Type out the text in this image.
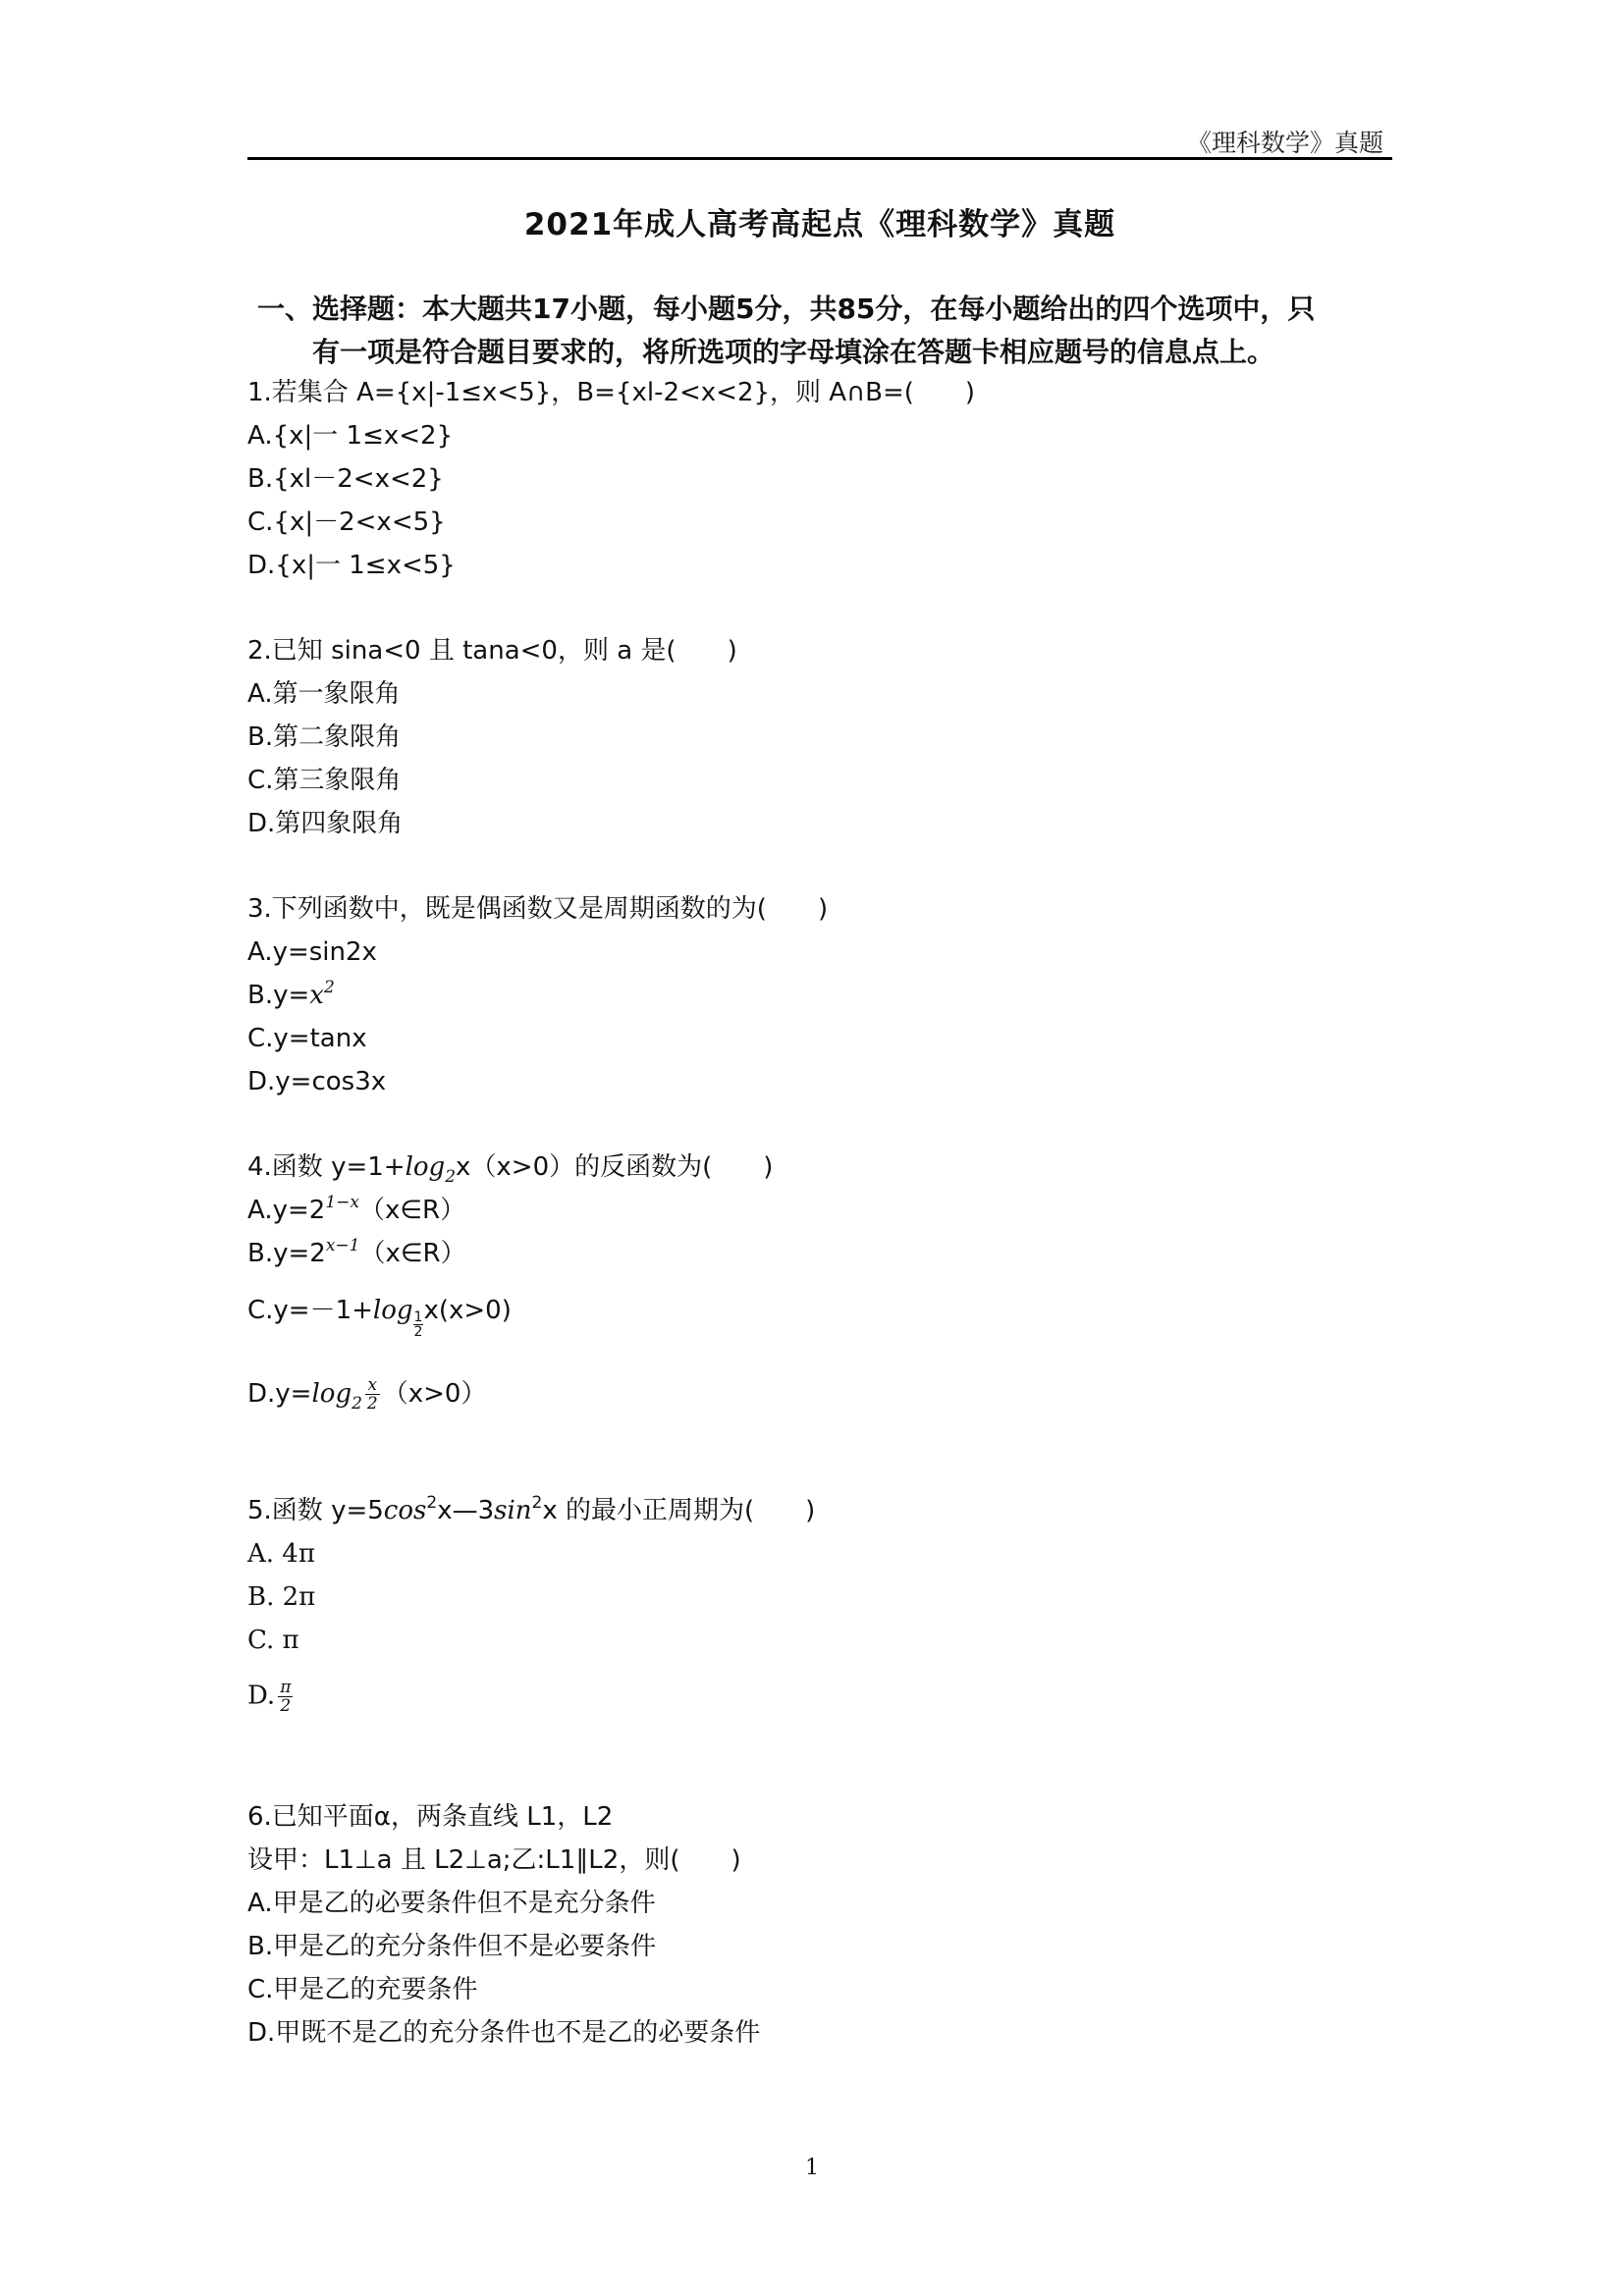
《理科数学》真题
2021年成人高考高起点《理科数学》真题
一、选择题：本大题共17小题，每小题5分，共85分，在每小题给出的四个选项中，只
有一项是符合题目要求的，将所选项的字母填涂在答题卡相应题号的信息点上。
1.若集合 A={x|-1≤x<5}，B={xl-2<x<2}，则 A∩B=(　　)
A.{x|一 1≤x<2}
B.{xl－2<x<2}
C.{x|－2<x<5}
D.{x|一 1≤x<5}
2.已知 sina<0 且 tana<0，则 a 是(　　)
A.第一象限角
B.第二象限角
C.第三象限角
D.第四象限角
3.下列函数中，既是偶函数又是周期函数的为(　　)
A.y=sin2x
$B.y=x^2$
C.y=tanx
D.y=cos3x
4.函数 $y=1+\log_2x(x>0)$的反函数为(　　)
$A.y=2^{1-x}(x\in R)$
$B.y=2^{x-1}(x\in R)$
$C.y=-1+\log \frac{1}{2} x(x>0)$
$D.y=\log_2 \frac{x}{2} (x>0)$
5.函数 $y=5\cos^2x—3\sin^2x$ 的最小正周期为(　　)
A. 4π
B. 2π
C. π
D. $\frac{\pi}{2}$
6.已知平面α，两条直线 L1，L2
设甲：L1⊥a 且 L2⊥a;乙:L1∥L2，则(　　)
A.甲是乙的必要条件但不是充分条件
B.甲是乙的充分条件但不是必要条件
C.甲是乙的充要条件
D.甲既不是乙的充分条件也不是乙的必要条件
1
